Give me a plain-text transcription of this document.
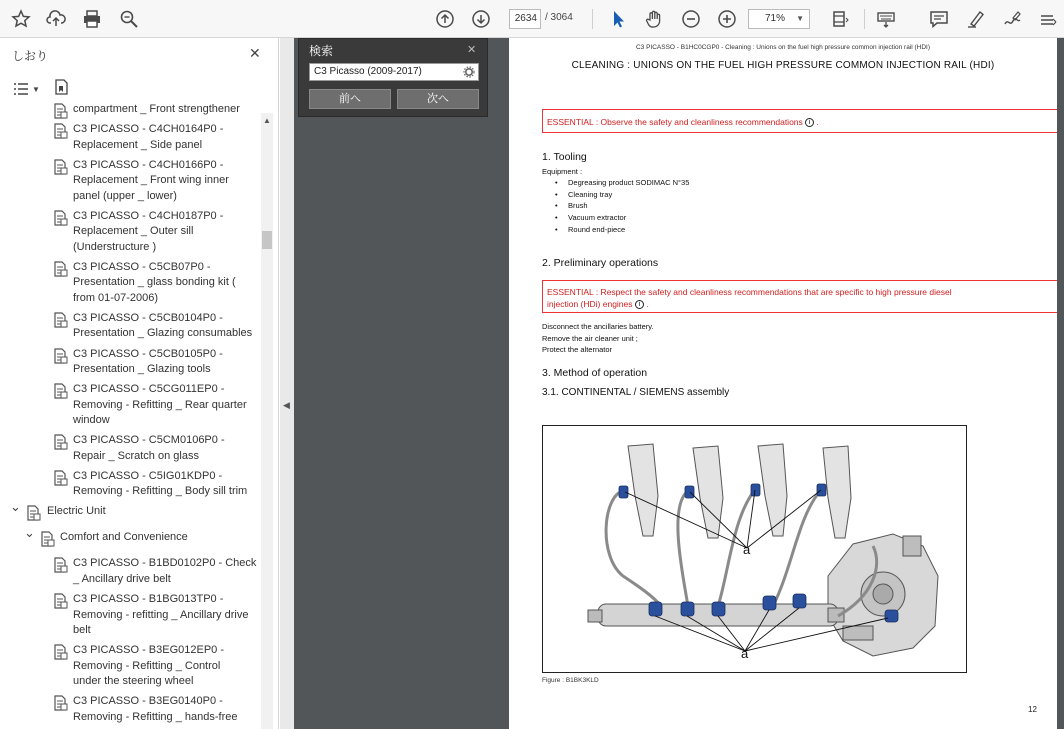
2634 / 3064	71% ▼
しおり	✕
▼
compartment _ Front strengthener
C3 PICASSO - C4CH0164P0 -
Replacement _ Side panel
C3 PICASSO - C4CH0166P0 -
Replacement _ Front wing inner
panel (upper _ lower)
C3 PICASSO - C4CH0187P0 -
Replacement _ Outer sill
(Understructure )
C3 PICASSO - C5CB07P0 -
Presentation _ glass bonding kit (
from 01-07-2006)
C3 PICASSO - C5CB0104P0 -
Presentation _ Glazing consumables
C3 PICASSO - C5CB0105P0 -
Presentation _ Glazing tools
C3 PICASSO - C5CG011EP0 -
Removing - Refitting _ Rear quarter
window
C3 PICASSO - C5CM0106P0 -
Repair _ Scratch on glass
C3 PICASSO - C5IG01KDP0 -
Removing - Refitting _ Body sill trim
⌄ Electric Unit
⌄ Comfort and Convenience
C3 PICASSO - B1BD0102P0 - Check
_ Ancillary drive belt
C3 PICASSO - B1BG013TP0 -
Removing - refitting _ Ancillary drive
belt
C3 PICASSO - B3EG012EP0 -
Removing - Refitting _ Control
under the steering wheel
C3 PICASSO - B3EG0140P0 -
Removing - Refitting _ hands-free
▲
◀
C3 PICASSO - B1HC0CGP0 - Cleaning : Unions on the fuel high pressure common injection rail (HDI)
CLEANING : UNIONS ON THE FUEL HIGH PRESSURE COMMON INJECTION RAIL (HDI)
ESSENTIAL : Observe the safety and cleanliness recommendations i .
1. Tooling
Equipment :
• Degreasing product SODIMAC N°35
• Cleaning tray
• Brush
• Vacuum extractor
• Round end-piece
2. Preliminary operations
ESSENTIAL : Respect the safety and cleanliness recommendations that are specific to high pressure diesel
injection (HDi) engines i .
Disconnect the ancillaries battery.
Remove the air cleaner unit ;
Protect the alternator
3. Method of operation
3.1. CONTINENTAL / SIEMENS assembly
a
a
Figure : B1BK3KLD
12
検索	✕
C3 Picasso (2009-2017)
前へ	次へ
